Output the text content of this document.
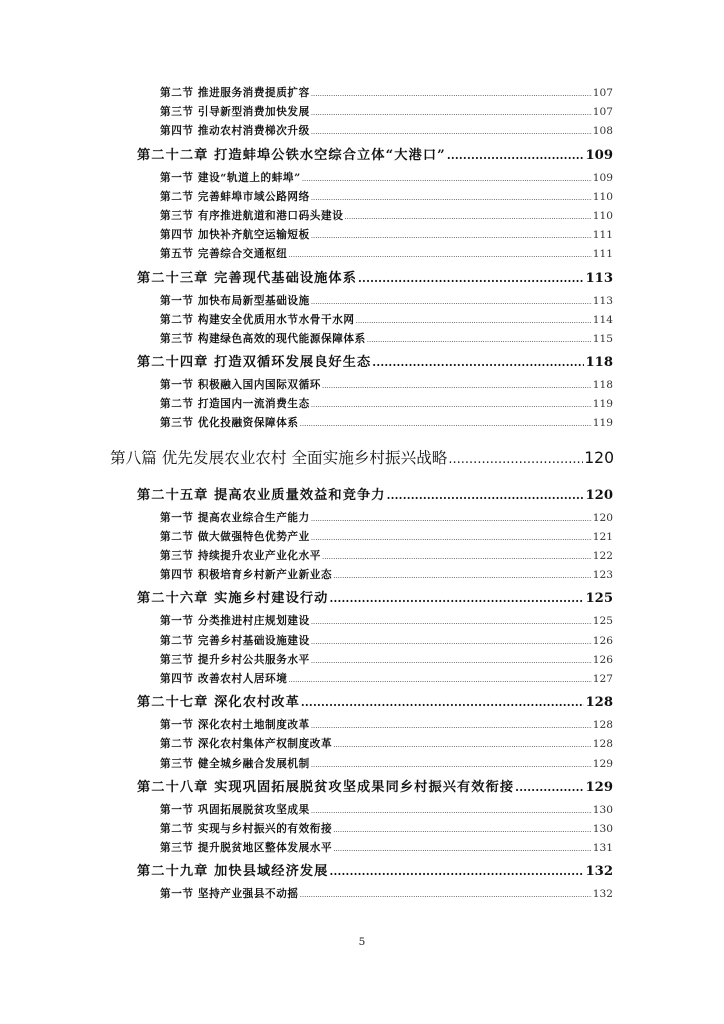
第二节 推进服务消费提质扩容 .....	107
第三节 引导新型消费加快发展 .....	107
第四节 推动农村消费梯次升级 .....	108
第二十二章 打造蚌埠公铁水空综合立体“大港口” .....	109
第一节 建设“轨道上的蚌埠” .....	109
第二节 完善蚌埠市域公路网络 .....	110
第三节 有序推进航道和港口码头建设 .....	110
第四节 加快补齐航空运输短板 .....	111
第五节 完善综合交通枢纽 .....	111
第二十三章 完善现代基础设施体系 .....	113
第一节 加快布局新型基础设施 .....	113
第二节 构建安全优质用水节水骨干水网 .....	114
第三节 构建绿色高效的现代能源保障体系 .....	115
第二十四章 打造双循环发展良好生态 .....	118
第一节 积极融入国内国际双循环 .....	118
第二节 打造国内一流消费生态 .....	119
第三节 优化投融资保障体系 .....	119
第八篇 优先发展农业农村 全面实施乡村振兴战略 .....	120
第二十五章 提高农业质量效益和竞争力 .....	120
第一节 提高农业综合生产能力 .....	120
第二节 做大做强特色优势产业 .....	121
第三节 持续提升农业产业化水平 .....	122
第四节 积极培育乡村新产业新业态 .....	123
第二十六章 实施乡村建设行动 .....	125
第一节 分类推进村庄规划建设 .....	125
第二节 完善乡村基础设施建设 .....	126
第三节 提升乡村公共服务水平 .....	126
第四节 改善农村人居环境 .....	127
第二十七章 深化农村改革 .....	128
第一节 深化农村土地制度改革 .....	128
第二节 深化农村集体产权制度改革 .....	128
第三节 健全城乡融合发展机制 .....	129
第二十八章 实现巩固拓展脱贫攻坚成果同乡村振兴有效衔接 .....	129
第一节 巩固拓展脱贫攻坚成果 .....	130
第二节 实现与乡村振兴的有效衔接 .....	130
第三节 提升脱贫地区整体发展水平 .....	131
第二十九章 加快县域经济发展 .....	132
第一节 坚持产业强县不动摇 .....	132
5
